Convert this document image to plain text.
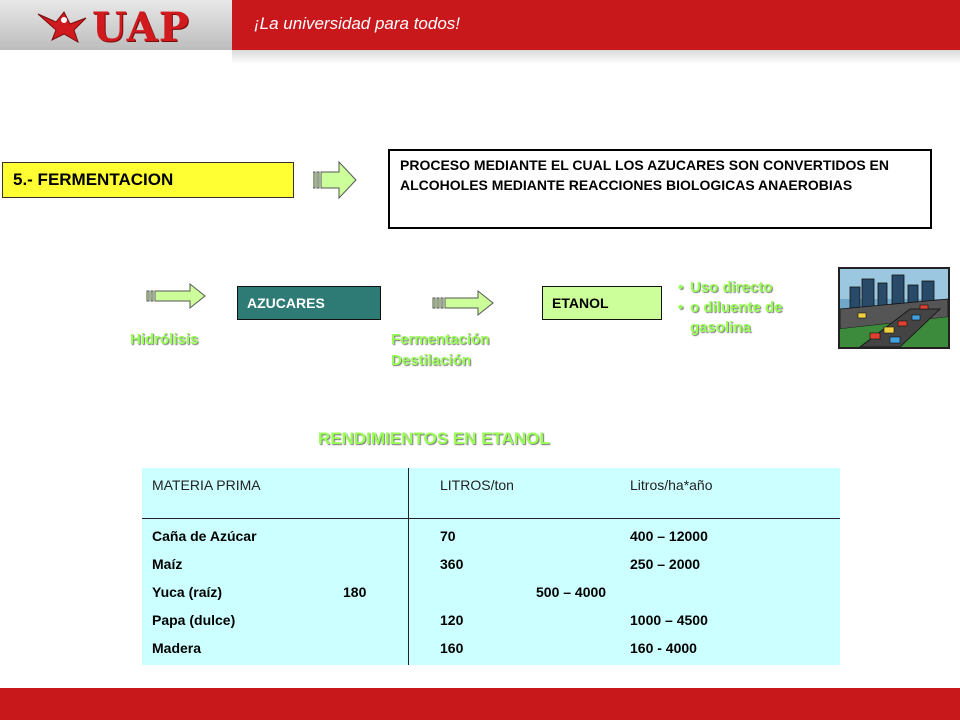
UAP	¡La universidad para todos!
5.- FERMENTACION
PROCESO MEDIANTE EL CUAL LOS AZUCARES SON CONVERTIDOS EN ALCOHOLES MEDIANTE REACCIONES BIOLOGICAS ANAEROBIAS
Hidrólisis
AZUCARES
Fermentación
Destilación
ETANOL
• Uso directo
• o diluente de
gasolina
RENDIMIENTOS EN ETANOL
MATERIA PRIMA	LITROS/ton	Litros/ha*año
Caña de Azúcar	70	400 – 12000
Maíz	360	250 – 2000
Yuca (raíz)	180	500 – 4000
Papa (dulce)	120	1000 – 4500
Madera	160	160 - 4000
